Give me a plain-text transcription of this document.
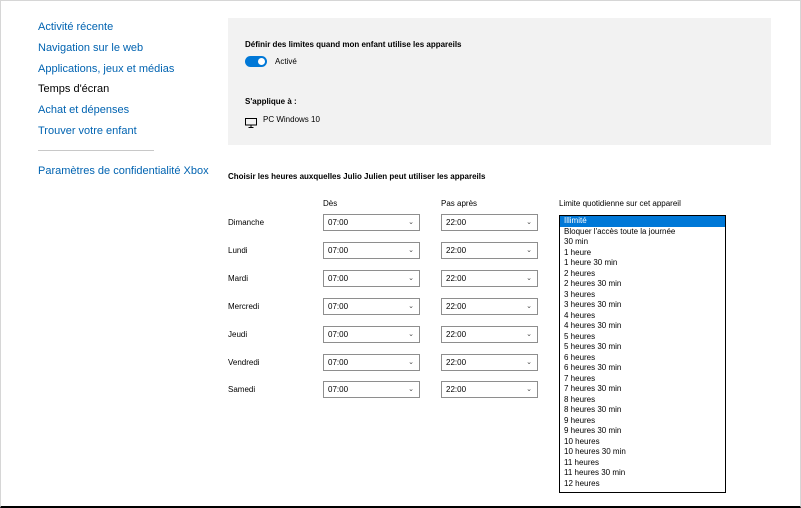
Activité récente
Navigation sur le web
Applications, jeux et médias
Temps d'écran
Achat et dépenses
Trouver votre enfant
Paramètres de confidentialité Xbox
Définir des limites quand mon enfant utilise les appareils
Activé
S'applique à :
PC Windows 10
Choisir les heures auxquelles Julio Julien peut utiliser les appareils
Dès	Pas après	Limite quotidienne sur cet appareil
Dimanche	07:00	⌄	22:00	⌄
Lundi	07:00	⌄	22:00	⌄
Mardi	07:00	⌄	22:00	⌄
Mercredi	07:00	⌄	22:00	⌄
Jeudi	07:00	⌄	22:00	⌄
Vendredi	07:00	⌄	22:00	⌄
Samedi	07:00	⌄	22:00	⌄
Illimité
Bloquer l'accès toute la journée
30 min
1 heure
1 heure 30 min
2 heures
2 heures 30 min
3 heures
3 heures 30 min
4 heures
4 heures 30 min
5 heures
5 heures 30 min
6 heures
6 heures 30 min
7 heures
7 heures 30 min
8 heures
8 heures 30 min
9 heures
9 heures 30 min
10 heures
10 heures 30 min
11 heures
11 heures 30 min
12 heures
